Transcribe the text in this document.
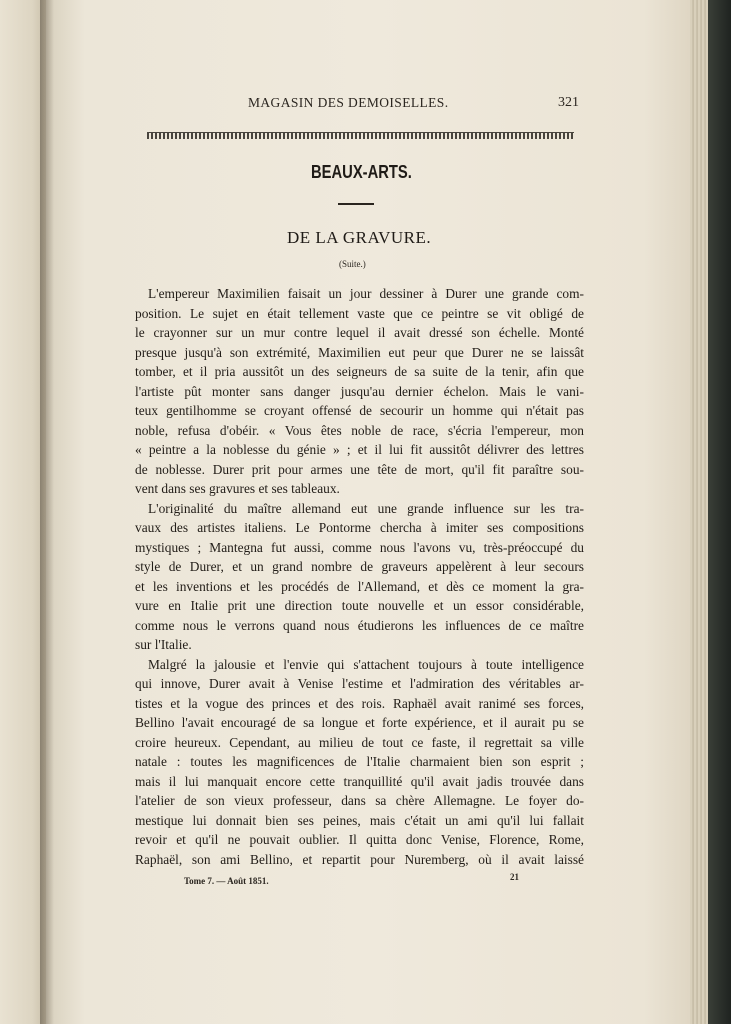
MAGASIN DES DEMOISELLES.	321
BEAUX-ARTS.
DE LA GRAVURE.
(Suite.)
L'empereur Maximilien faisait un jour dessiner à Durer une grande com-
position. Le sujet en était tellement vaste que ce peintre se vit obligé de
le crayonner sur un mur contre lequel il avait dressé son échelle. Monté
presque jusqu'à son extrémité, Maximilien eut peur que Durer ne se laissât
tomber, et il pria aussitôt un des seigneurs de sa suite de la tenir, afin que
l'artiste pût monter sans danger jusqu'au dernier échelon. Mais le vani-
teux gentilhomme se croyant offensé de secourir un homme qui n'était pas
noble, refusa d'obéir. « Vous êtes noble de race, s'écria l'empereur, mon
« peintre a la noblesse du génie » ; et il lui fit aussitôt délivrer des lettres
de noblesse. Durer prit pour armes une tête de mort, qu'il fit paraître sou-
vent dans ses gravures et ses tableaux.
L'originalité du maître allemand eut une grande influence sur les tra-
vaux des artistes italiens. Le Pontorme chercha à imiter ses compositions
mystiques ; Mantegna fut aussi, comme nous l'avons vu, très-préoccupé du
style de Durer, et un grand nombre de graveurs appelèrent à leur secours
et les inventions et les procédés de l'Allemand, et dès ce moment la gra-
vure en Italie prit une direction toute nouvelle et un essor considérable,
comme nous le verrons quand nous étudierons les influences de ce maître
sur l'Italie.
Malgré la jalousie et l'envie qui s'attachent toujours à toute intelligence
qui innove, Durer avait à Venise l'estime et l'admiration des véritables ar-
tistes et la vogue des princes et des rois. Raphaël avait ranimé ses forces,
Bellino l'avait encouragé de sa longue et forte expérience, et il aurait pu se
croire heureux. Cependant, au milieu de tout ce faste, il regrettait sa ville
natale : toutes les magnificences de l'Italie charmaient bien son esprit ;
mais il lui manquait encore cette tranquillité qu'il avait jadis trouvée dans
l'atelier de son vieux professeur, dans sa chère Allemagne. Le foyer do-
mestique lui donnait bien ses peines, mais c'était un ami qu'il lui fallait
revoir et qu'il ne pouvait oublier. Il quitta donc Venise, Florence, Rome,
Raphaël, son ami Bellino, et repartit pour Nuremberg, où il avait laissé
Tome 7. — Août 1851.	21
